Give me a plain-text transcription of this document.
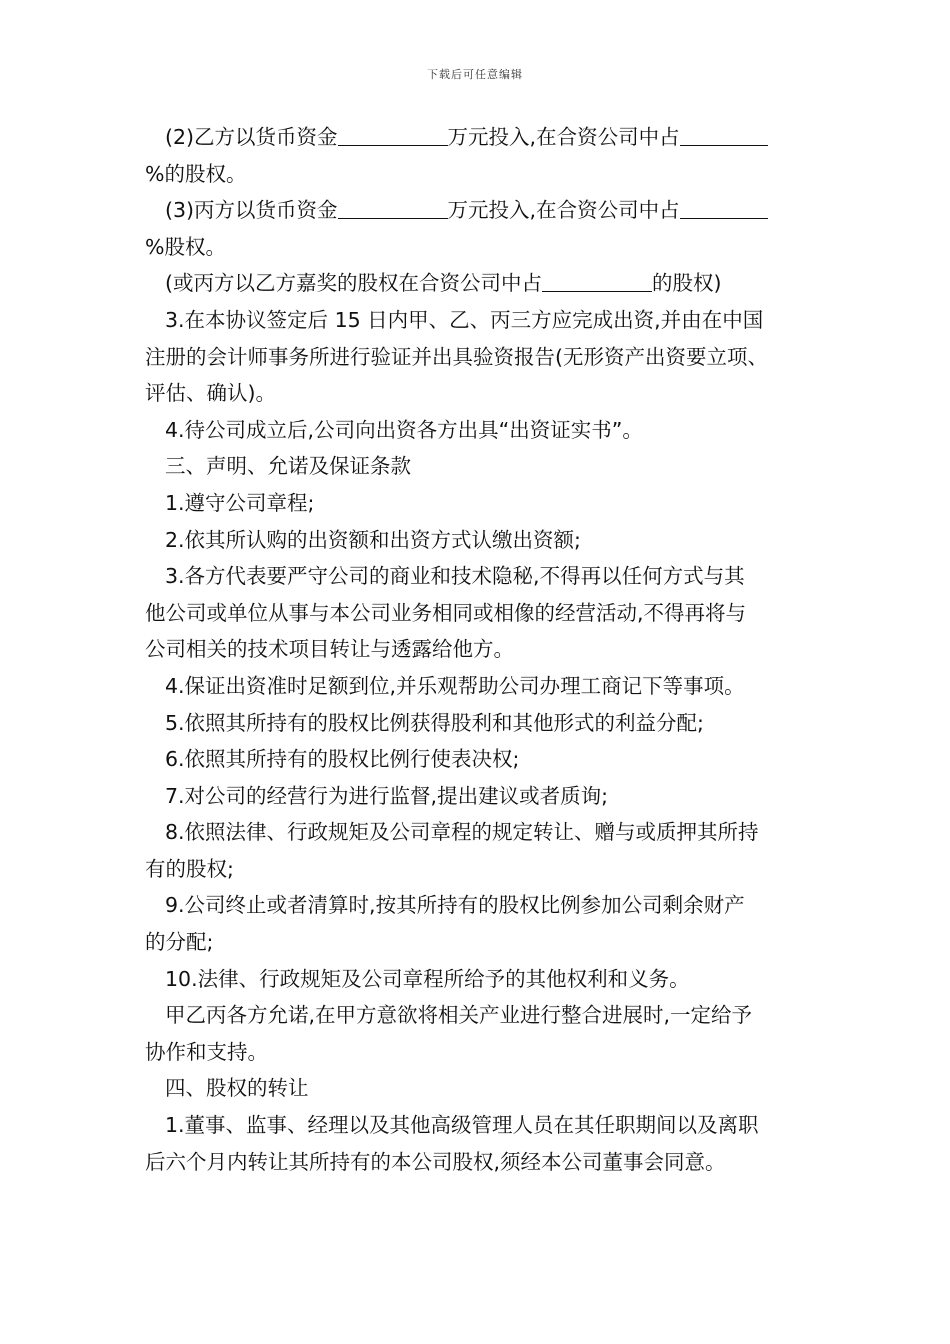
下载后可任意编辑

(2)乙方以货币资金	万元投入,在合资公司中占

%的股权。

(3)丙方以货币资金	万元投入,在合资公司中占

%股权。

(或丙方以乙方嘉奖的股权在合资公司中占	的股权)

3.在本协议签定后 15 日内甲、乙、丙三方应完成出资,并由在中国

注册的会计师事务所进行验证并出具验资报告(无形资产出资要立项、

评估、确认)。

4.待公司成立后,公司向出资各方出具“出资证实书”。

三、声明、允诺及保证条款

1.遵守公司章程;

2.依其所认购的出资额和出资方式认缴出资额;

3.各方代表要严守公司的商业和技术隐秘,不得再以任何方式与其

他公司或单位从事与本公司业务相同或相像的经营活动,不得再将与

公司相关的技术项目转让与透露给他方。

4.保证出资准时足额到位,并乐观帮助公司办理工商记下等事项。

5.依照其所持有的股权比例获得股利和其他形式的利益分配;

6.依照其所持有的股权比例行使表决权;

7.对公司的经营行为进行监督,提出建议或者质询;

8.依照法律、行政规矩及公司章程的规定转让、赠与或质押其所持

有的股权;

9.公司终止或者清算时,按其所持有的股权比例参加公司剩余财产

的分配;

10.法律、行政规矩及公司章程所给予的其他权利和义务。

甲乙丙各方允诺,在甲方意欲将相关产业进行整合进展时,一定给予

协作和支持。

四、股权的转让

1.董事、监事、经理以及其他高级管理人员在其任职期间以及离职

后六个月内转让其所持有的本公司股权,须经本公司董事会同意。
